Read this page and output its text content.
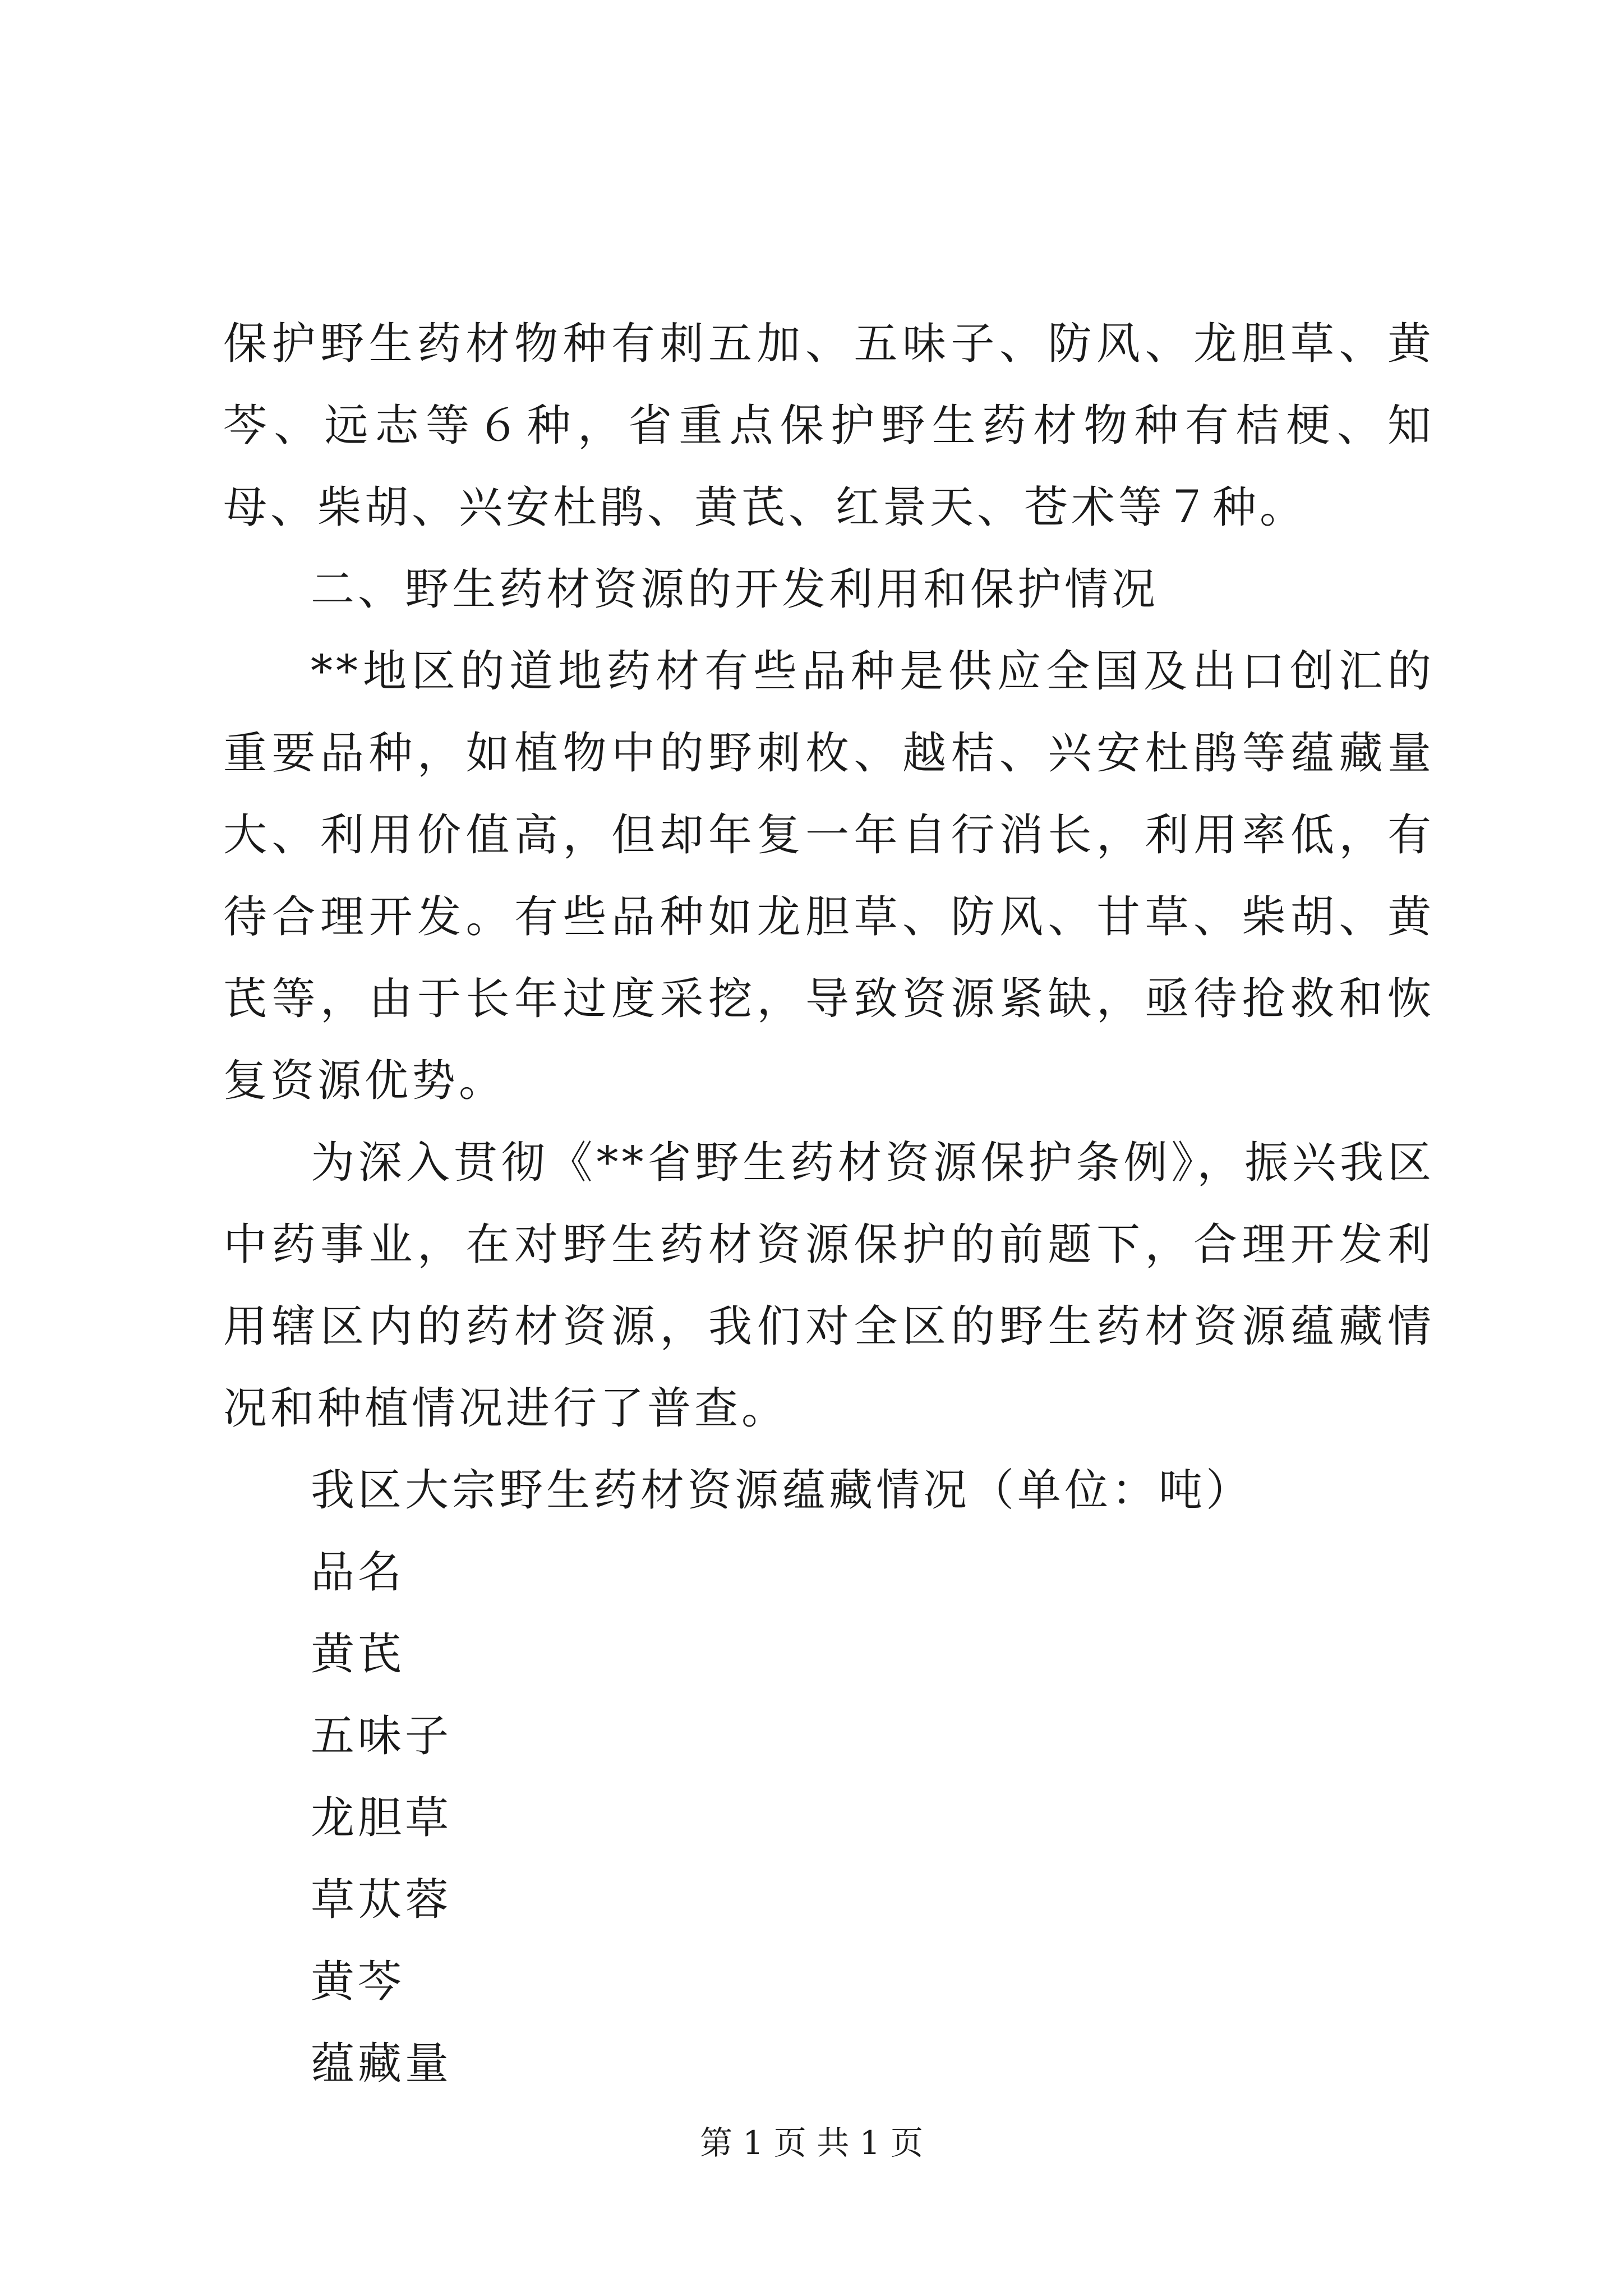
保护野生药材物种有刺五加、五味子、防风、龙胆草、黄芩、远志等６种，省重点保护野生药材物种有桔梗、知母、柴胡、兴安杜鹃、黄芪、红景天、苍术等７种。

二、野生药材资源的开发利用和保护情况

**地区的道地药材有些品种是供应全国及出口创汇的重要品种，如植物中的野刺枚、越桔、兴安杜鹃等蕴藏量大、利用价值高，但却年复一年自行消长，利用率低，有待合理开发。有些品种如龙胆草、防风、甘草、柴胡、黄芪等，由于长年过度采挖，导致资源紧缺，亟待抢救和恢复资源优势。

为深入贯彻《**省野生药材资源保护条例》，振兴我区中药事业，在对野生药材资源保护的前题下，合理开发利用辖区内的药材资源，我们对全区的野生药材资源蕴藏情况和种植情况进行了普查。

我区大宗野生药材资源蕴藏情况（单位：吨）

品名

黄芪

五味子

龙胆草

草苁蓉

黄芩

蕴藏量

第 1 页 共 1 页
